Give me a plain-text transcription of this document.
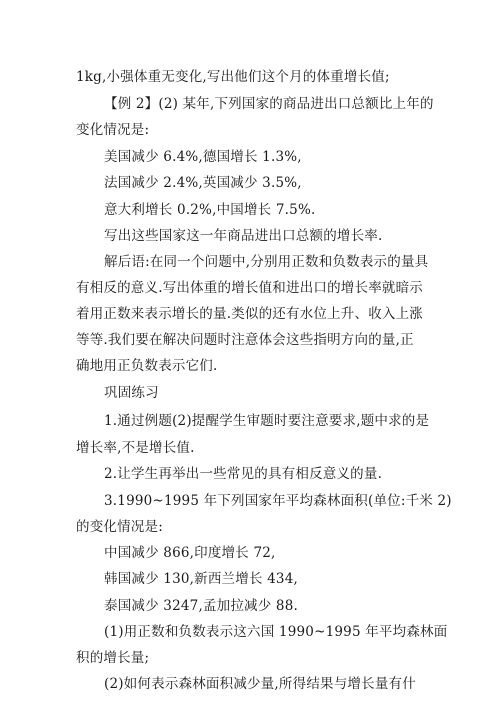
1kg,小强体重无变化,写出他们这个月的体重增长值;
【例 2】(2) 某年,下列国家的商品进出口总额比上年的
变化情况是:
美国减少 6.4%,德国增长 1.3%,
法国减少 2.4%,英国减少 3.5%,
意大利增长 0.2%,中国增长 7.5%.
写出这些国家这一年商品进出口总额的增长率.
解后语:在同一个问题中,分别用正数和负数表示的量具
有相反的意义.写出体重的增长值和进出口的增长率就暗示
着用正数来表示增长的量.类似的还有水位上升、收入上涨
等等.我们要在解决问题时注意体会这些指明方向的量,正
确地用正负数表示它们.
巩固练习
1.通过例题(2)提醒学生审题时要注意要求,题中求的是
增长率,不是增长值.
2.让学生再举出一些常见的具有相反意义的量.
3.1990~1995 年下列国家年平均森林面积(单位:千米 2)
的变化情况是:
中国减少 866,印度增长 72,
韩国减少 130,新西兰增长 434,
泰国减少 3247,孟加拉减少 88.
(1)用正数和负数表示这六国 1990~1995 年平均森林面
积的增长量;
(2)如何表示森林面积减少量,所得结果与增长量有什
